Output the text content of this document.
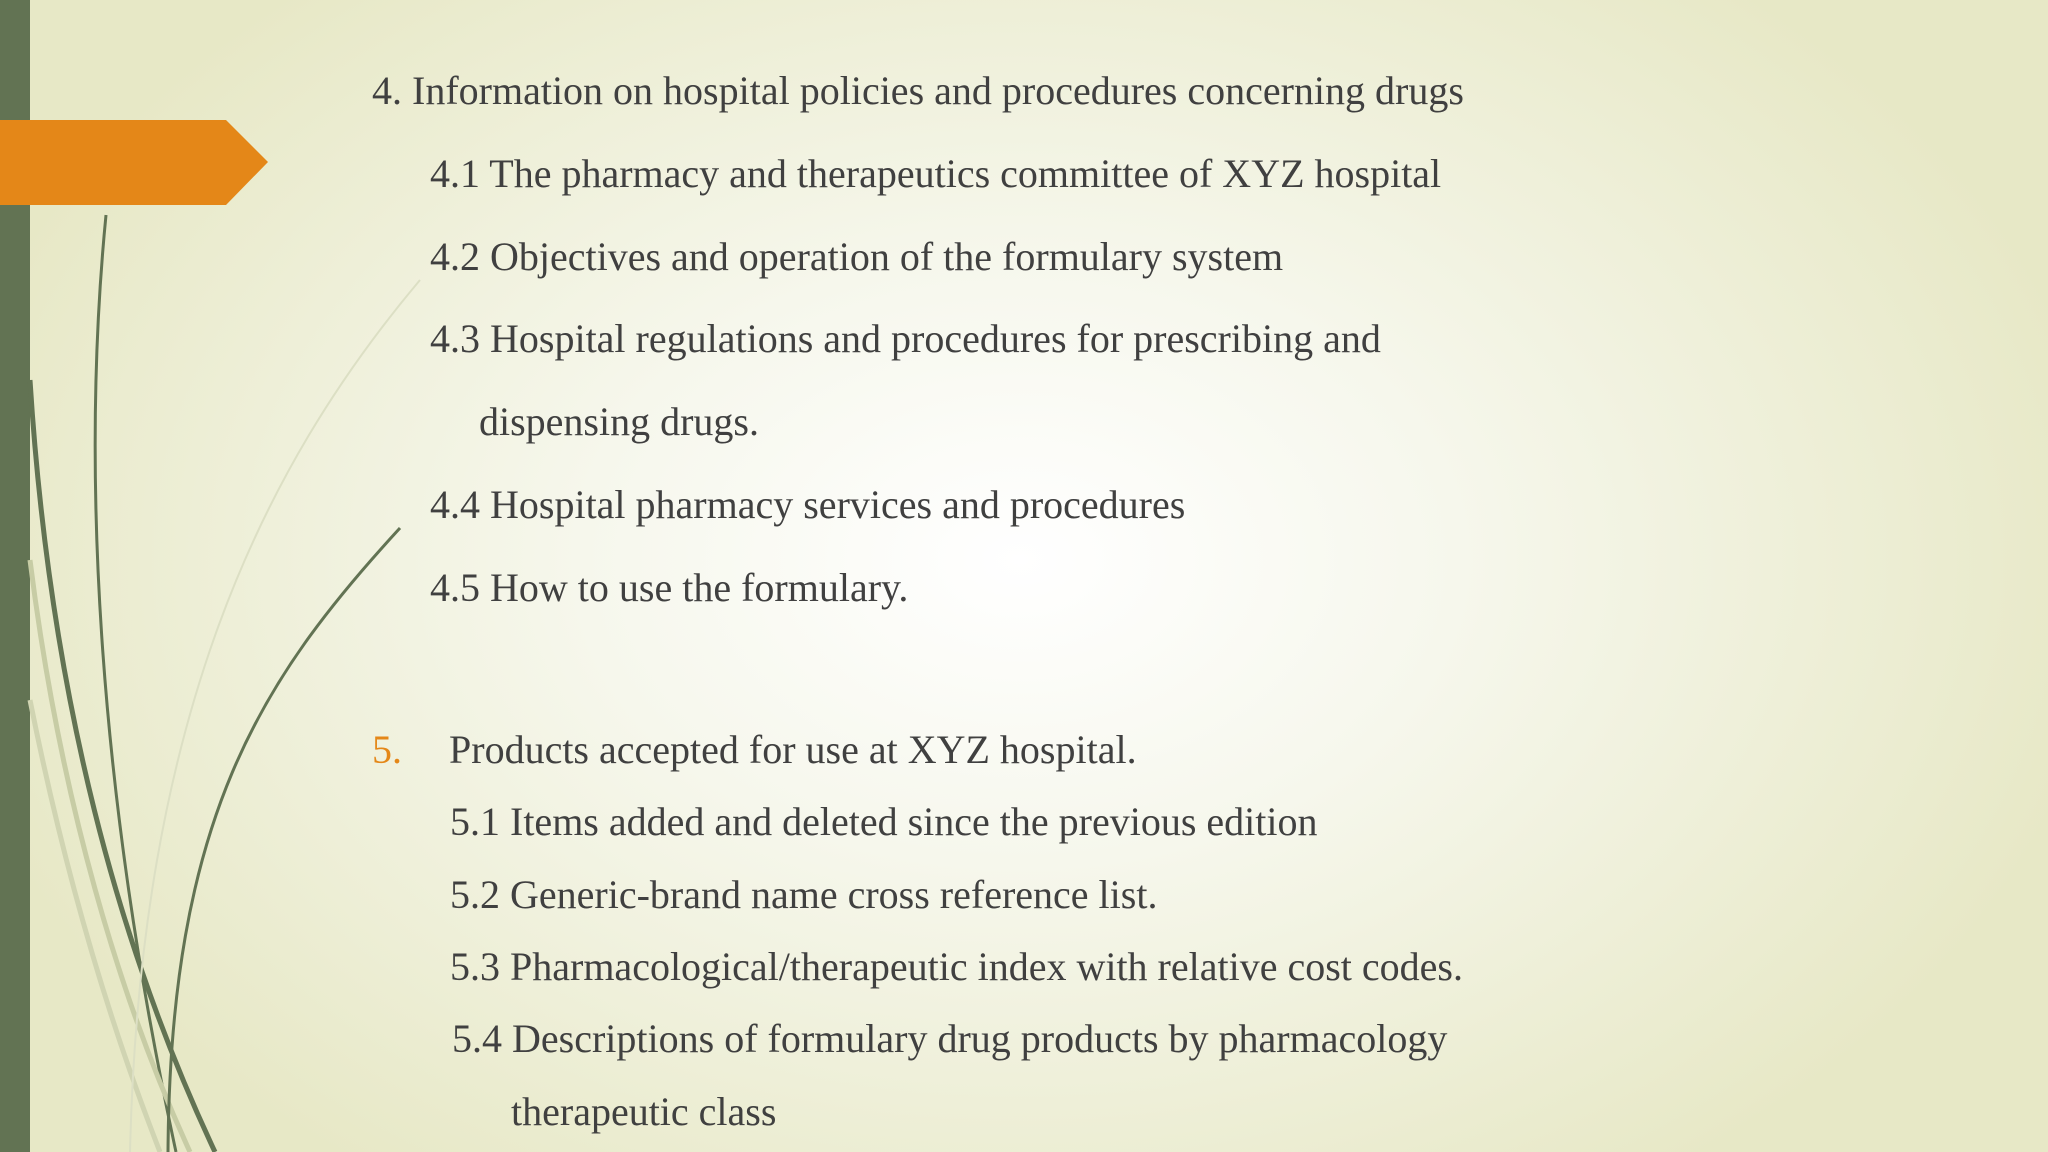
4. Information on hospital policies and procedures concerning drugs

4.1 The pharmacy and therapeutics committee of XYZ hospital

4.2 Objectives and operation of the formulary system

4.3 Hospital regulations and procedures for prescribing and

dispensing drugs.

4.4 Hospital pharmacy services and procedures

4.5 How to use the formulary.

5. Products accepted for use at XYZ hospital.

5.1 Items added and deleted since the previous edition

5.2 Generic-brand name cross reference list.

5.3 Pharmacological/therapeutic index with relative cost codes.

5.4 Descriptions of formulary drug products by pharmacology

therapeutic class
